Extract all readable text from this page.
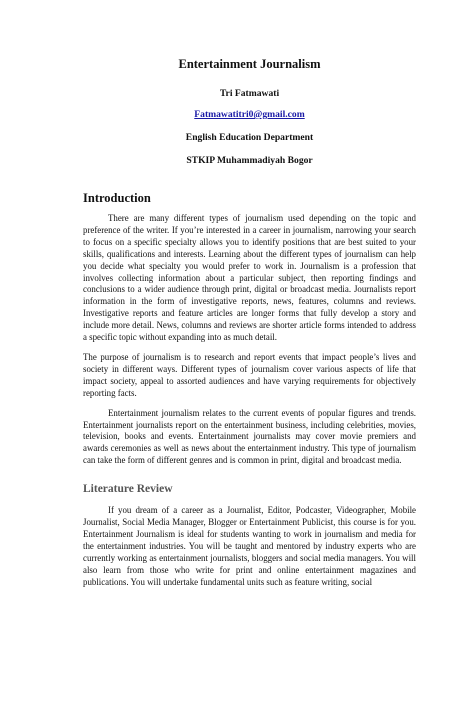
Entertainment Journalism
Tri Fatmawati
Fatmawatitri0@gmail.com
English Education Department
STKIP Muhammadiyah Bogor
Introduction

There are many different types of journalism used depending on the topic and preference of the writer. If you’re interested in a career in journalism, narrowing your search to focus on a specific specialty allows you to identify positions that are best suited to your skills, qualifications and interests. Learning about the different types of journalism can help you decide what specialty you would prefer to work in. Journalism is a profession that involves collecting information about a particular subject, then reporting findings and conclusions to a wider audience through print, digital or broadcast media. Journalists report information in the form of investigative reports, news, features, columns and reviews. Investigative reports and feature articles are longer forms that fully develop a story and include more detail. News, columns and reviews are shorter article forms intended to address a specific topic without expanding into as much detail.

The purpose of journalism is to research and report events that impact people’s lives and society in different ways. Different types of journalism cover various aspects of life that impact society, appeal to assorted audiences and have varying requirements for objectively reporting facts.

Entertainment journalism relates to the current events of popular figures and trends. Entertainment journalists report on the entertainment business, including celebrities, movies, television, books and events. Entertainment journalists may cover movie premiers and awards ceremonies as well as news about the entertainment industry. This type of journalism can take the form of different genres and is common in print, digital and broadcast media.

Literature Review

If you dream of a career as a Journalist, Editor, Podcaster, Videographer, Mobile Journalist, Social Media Manager, Blogger or Entertainment Publicist, this course is for you. Entertainment Journalism is ideal for students wanting to work in journalism and media for the entertainment industries. You will be taught and mentored by industry experts who are currently working as entertainment journalists, bloggers and social media managers. You will also learn from those who write for print and online entertainment magazines and publications. You will undertake fundamental units such as feature writing, social
